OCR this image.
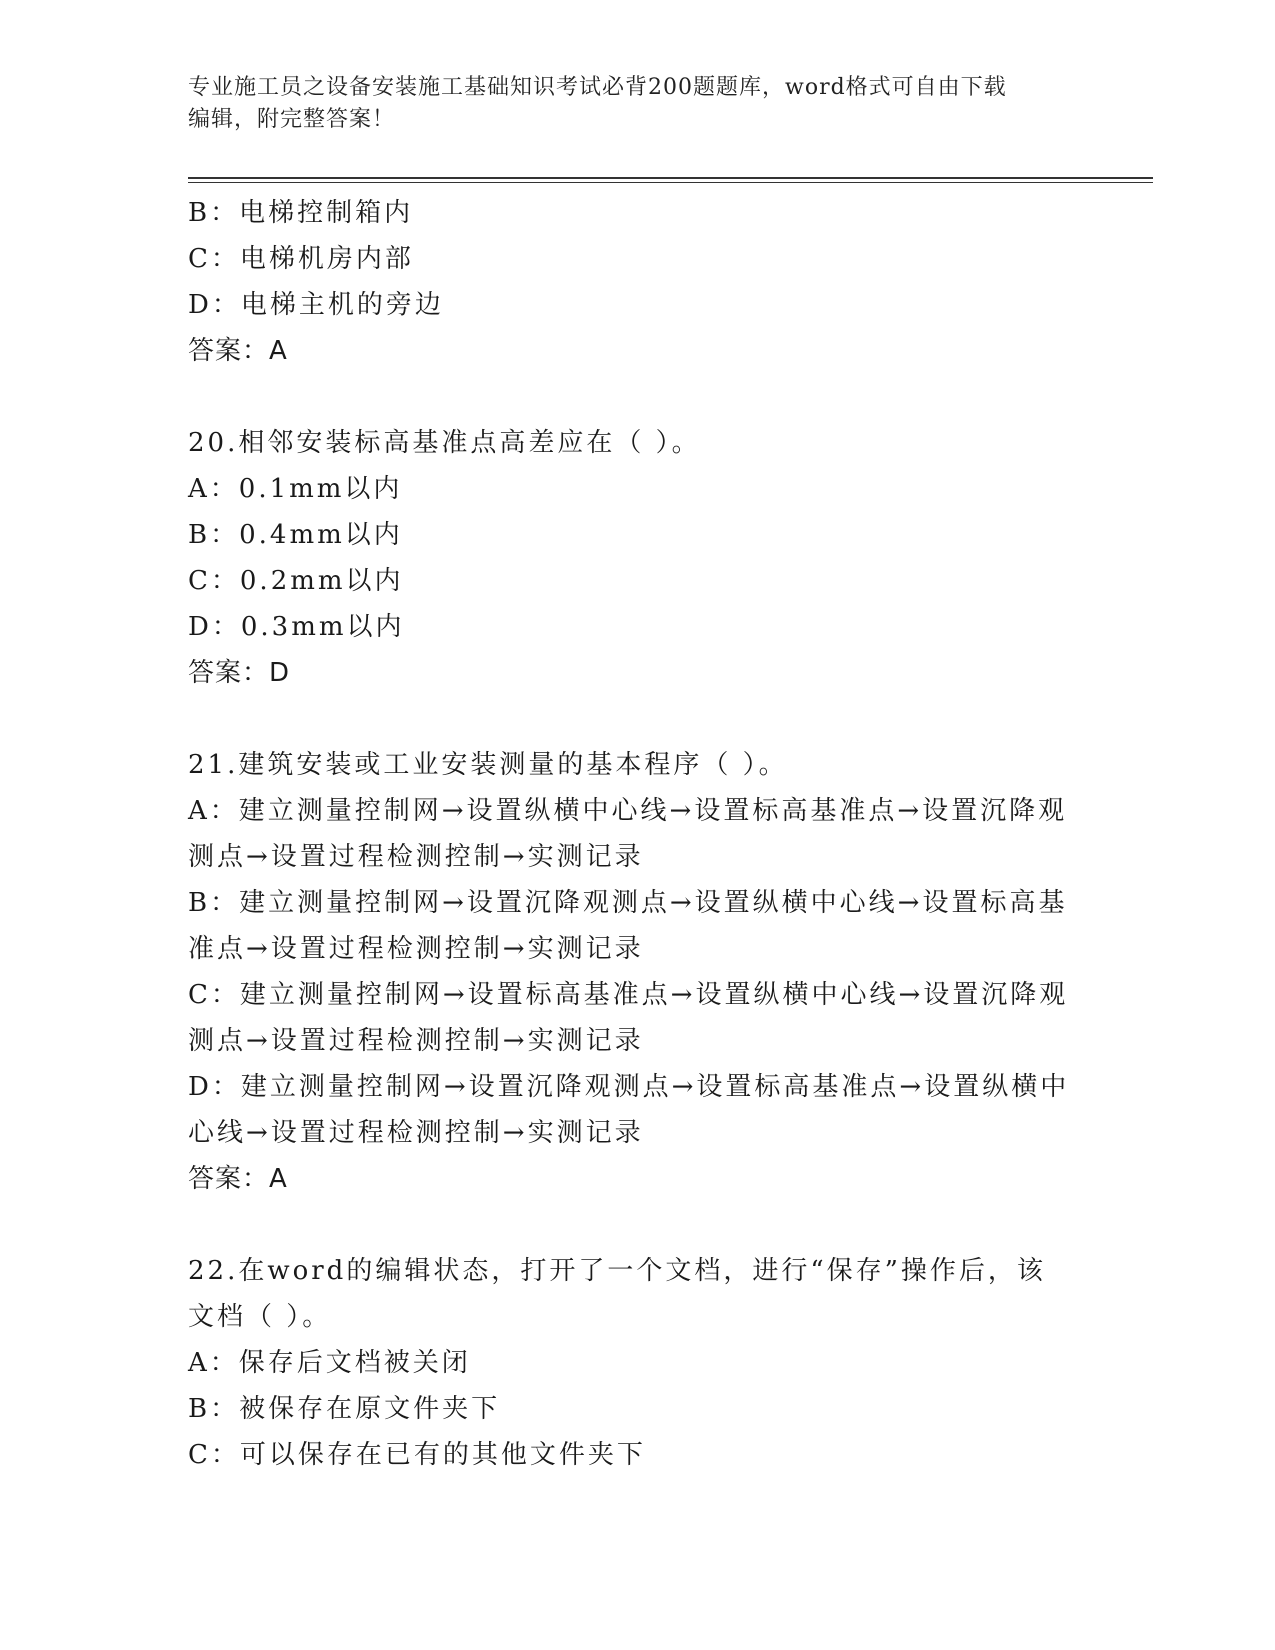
专业施工员之设备安装施工基础知识考试必背200题题库，word格式可自由下载
编辑，附完整答案！
B：电梯控制箱内
C：电梯机房内部
D：电梯主机的旁边
答案：A
20.相邻安装标高基准点高差应在（ ）。
A：0.1mm以内
B：0.4mm以内
C：0.2mm以内
D：0.3mm以内
答案：D
21.建筑安装或工业安装测量的基本程序（ ）。
A：建立测量控制网→设置纵横中心线→设置标高基准点→设置沉降观
测点→设置过程检测控制→实测记录
B：建立测量控制网→设置沉降观测点→设置纵横中心线→设置标高基
准点→设置过程检测控制→实测记录
C：建立测量控制网→设置标高基准点→设置纵横中心线→设置沉降观
测点→设置过程检测控制→实测记录
D：建立测量控制网→设置沉降观测点→设置标高基准点→设置纵横中
心线→设置过程检测控制→实测记录
答案：A
22.在word的编辑状态，打开了一个文档，进行“保存”操作后，该
文档（ ）。
A：保存后文档被关闭
B：被保存在原文件夹下
C：可以保存在已有的其他文件夹下
